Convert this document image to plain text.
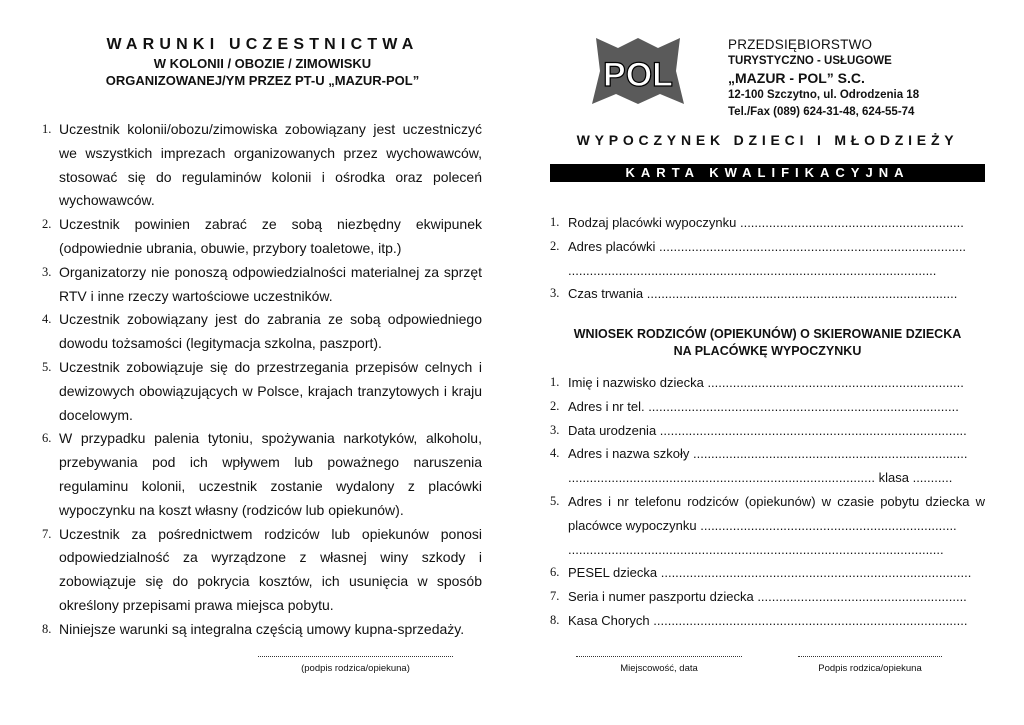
WARUNKI UCZESTNICTWA
W KOLONII / OBOZIE / ZIMOWISKU
ORGANIZOWANEJ/YM PRZEZ PT-U „MAZUR-POL”
1. Uczestnik kolonii/obozu/zimowiska zobowiązany jest uczestniczyć we wszystkich imprezach organizowanych przez wychowawców, stosować się do regulaminów kolonii i ośrodka oraz poleceń wychowawców.
2. Uczestnik powinien zabrać ze sobą niezbędny ekwipunek (odpowiednie ubrania, obuwie, przybory toaletowe, itp.)
3. Organizatorzy nie ponoszą odpowiedzialności materialnej za sprzęt RTV i inne rzeczy wartościowe uczestników.
4. Uczestnik zobowiązany jest do zabrania ze sobą odpowiedniego dowodu tożsamości (legitymacja szkolna, paszport).
5. Uczestnik zobowiązuje się do przestrzegania przepisów celnych i dewizowych obowiązujących w Polsce, krajach tranzytowych i kraju docelowym.
6. W przypadku palenia tytoniu, spożywania narkotyków, alkoholu, przebywania pod ich wpływem lub poważnego naruszenia regulaminu kolonii, uczestnik zostanie wydalony z placówki wypoczynku na koszt własny (rodziców lub opiekunów).
7. Uczestnik za pośrednictwem rodziców lub opiekunów ponosi odpowiedzialność za wyrządzone z własnej winy szkody i zobowiązuje się do pokrycia kosztów, ich usunięcia w sposób określony przepisami prawa miejsca pobytu.
8. Niniejsze warunki są integralna częścią umowy kupna-sprzedaży.
(podpis rodzica/opiekuna)
POL
PRZEDSIĘBIORSTWO
TURYSTYCZNO - USŁUGOWE
„MAZUR - POL” S.C.
12-100 Szczytno, ul. Odrodzenia 18
Tel./Fax (089) 624-31-48, 624-55-74
WYPOCZYNEK DZIECI I MŁODZIEŻY
KARTA KWALIFIKACYJNA
1. Rodzaj placówki wypoczynku ..............................................................
2. Adres placówki .....................................................................................
......................................................................................................
3. Czas trwania ......................................................................................
WNIOSEK RODZICÓW (OPIEKUNÓW) O SKIEROWANIE DZIECKA
NA PLACÓWKĘ WYPOCZYNKU
1. Imię i nazwisko dziecka .......................................................................
2. Adres i nr tel. ......................................................................................
3. Data urodzenia .....................................................................................
4. Adres i nazwa szkoły ............................................................................
..................................................................................... klasa ...........
5. Adres i nr telefonu rodziców (opiekunów) w czasie pobytu dziecka w placówce wypoczynku .......................................................................
........................................................................................................
6. PESEL dziecka ......................................................................................
7. Seria i numer paszportu dziecka ..........................................................
8. Kasa Chorych .......................................................................................
Miejscowość, data	Podpis rodzica/opiekuna
